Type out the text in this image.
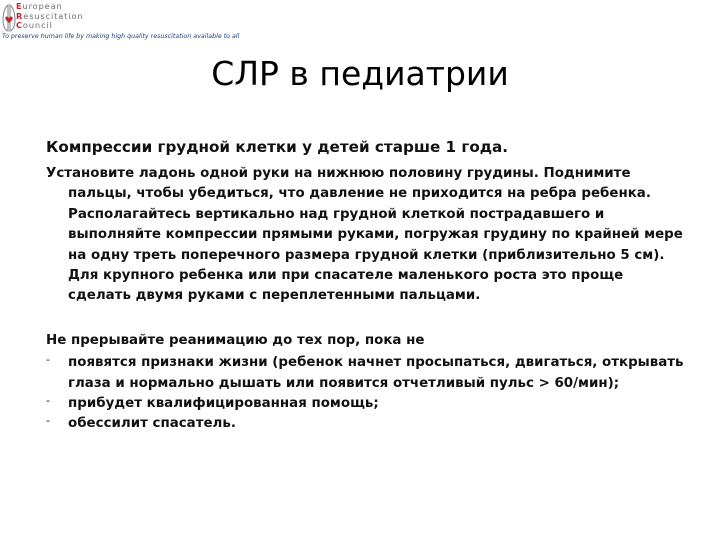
European
Resuscitation
Council
To preserve human life by making high quality resuscitation available to all
СЛР в педиатрии
Компрессии грудной клетки у детей старше 1 года.

Установите ладонь одной руки на нижнюю половину грудины. Поднимите пальцы, чтобы убедиться, что давление не приходится на ребра ребенка. Располагайтесь вертикально над грудной клеткой пострадавшего и выполняйте компрессии прямыми руками, погружая грудину по крайней мере на одну треть поперечного размера грудной клетки (приблизительно 5 см). Для крупного ребенка или при спасателе маленького роста это проще сделать двумя руками с переплетенными пальцами.

Не прерывайте реанимацию до тех пор, пока не

- появятся признаки жизни (ребенок начнет просыпаться, двигаться, открывать глаза и нормально дышать или появится отчетливый пульс > 60/мин);
- прибудет квалифицированная помощь;
- обессилит спасатель.
